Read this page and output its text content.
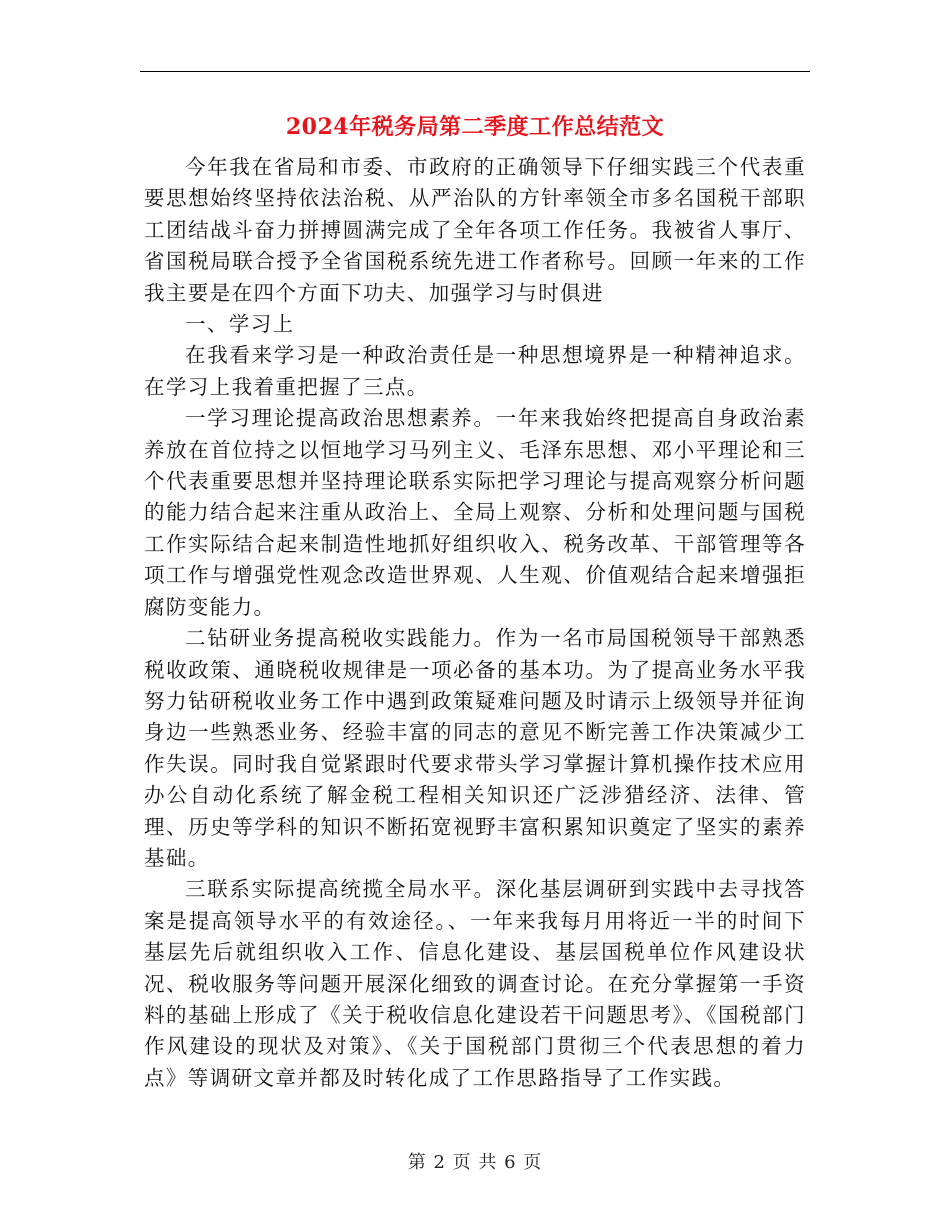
2024年税务局第二季度工作总结范文

今年我在省局和市委、市政府的正确领导下仔细实践三个代表重要思想始终坚持依法治税、从严治队的方针率领全市多名国税干部职工团结战斗奋力拼搏圆满完成了全年各项工作任务。我被省人事厅、省国税局联合授予全省国税系统先进工作者称号。回顾一年来的工作我主要是在四个方面下功夫、加强学习与时俱进

一、学习上

在我看来学习是一种政治责任是一种思想境界是一种精神追求。在学习上我着重把握了三点。

一学习理论提高政治思想素养。一年来我始终把提高自身政治素养放在首位持之以恒地学习马列主义、毛泽东思想、邓小平理论和三个代表重要思想并坚持理论联系实际把学习理论与提高观察分析问题的能力结合起来注重从政治上、全局上观察、分析和处理问题与国税工作实际结合起来制造性地抓好组织收入、税务改革、干部管理等各项工作与增强党性观念改造世界观、人生观、价值观结合起来增强拒腐防变能力。

二钻研业务提高税收实践能力。作为一名市局国税领导干部熟悉税收政策、通晓税收规律是一项必备的基本功。为了提高业务水平我努力钻研税收业务工作中遇到政策疑难问题及时请示上级领导并征询身边一些熟悉业务、经验丰富的同志的意见不断完善工作决策减少工作失误。同时我自觉紧跟时代要求带头学习掌握计算机操作技术应用办公自动化系统了解金税工程相关知识还广泛涉猎经济、法律、管理、历史等学科的知识不断拓宽视野丰富积累知识奠定了坚实的素养基础。

三联系实际提高统揽全局水平。深化基层调研到实践中去寻找答案是提高领导水平的有效途径。、一年来我每月用将近一半的时间下基层先后就组织收入工作、信息化建设、基层国税单位作风建设状况、税收服务等问题开展深化细致的调查讨论。在充分掌握第一手资料的基础上形成了《关于税收信息化建设若干问题思考》、《国税部门作风建设的现状及对策》、《关于国税部门贯彻三个代表思想的着力点》等调研文章并都及时转化成了工作思路指导了工作实践。

第 2 页 共 6 页
